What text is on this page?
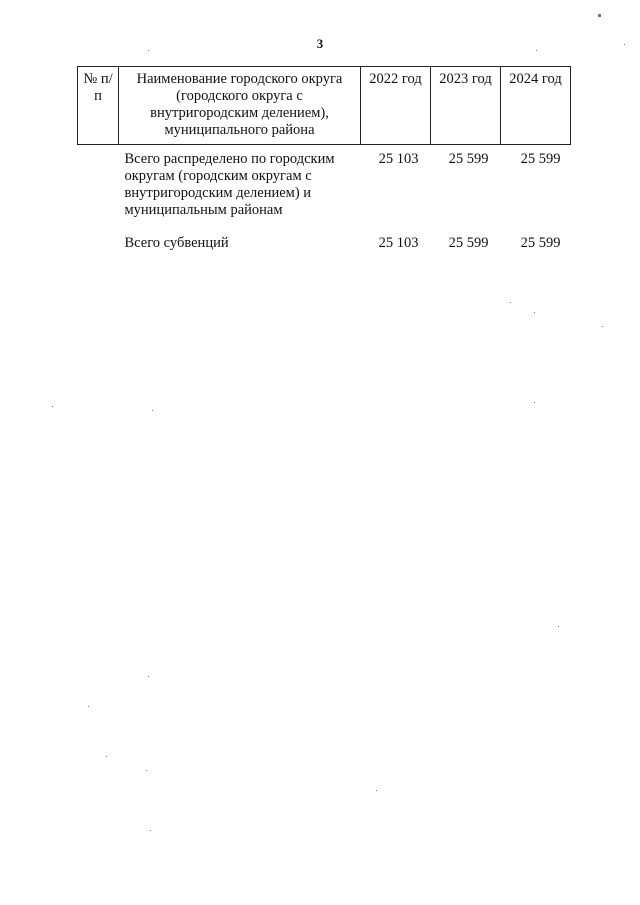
3
№ п/п	Наименование городского округа (городского округа с внутригородским делением), муниципального района	2022 год	2023 год	2024 год
	Всего распределено по городским округам (городским округам с внутригородским делением) и муниципальным районам	25 103	25 599	25 599
	Всего субвенций	25 103	25 599	25 599
